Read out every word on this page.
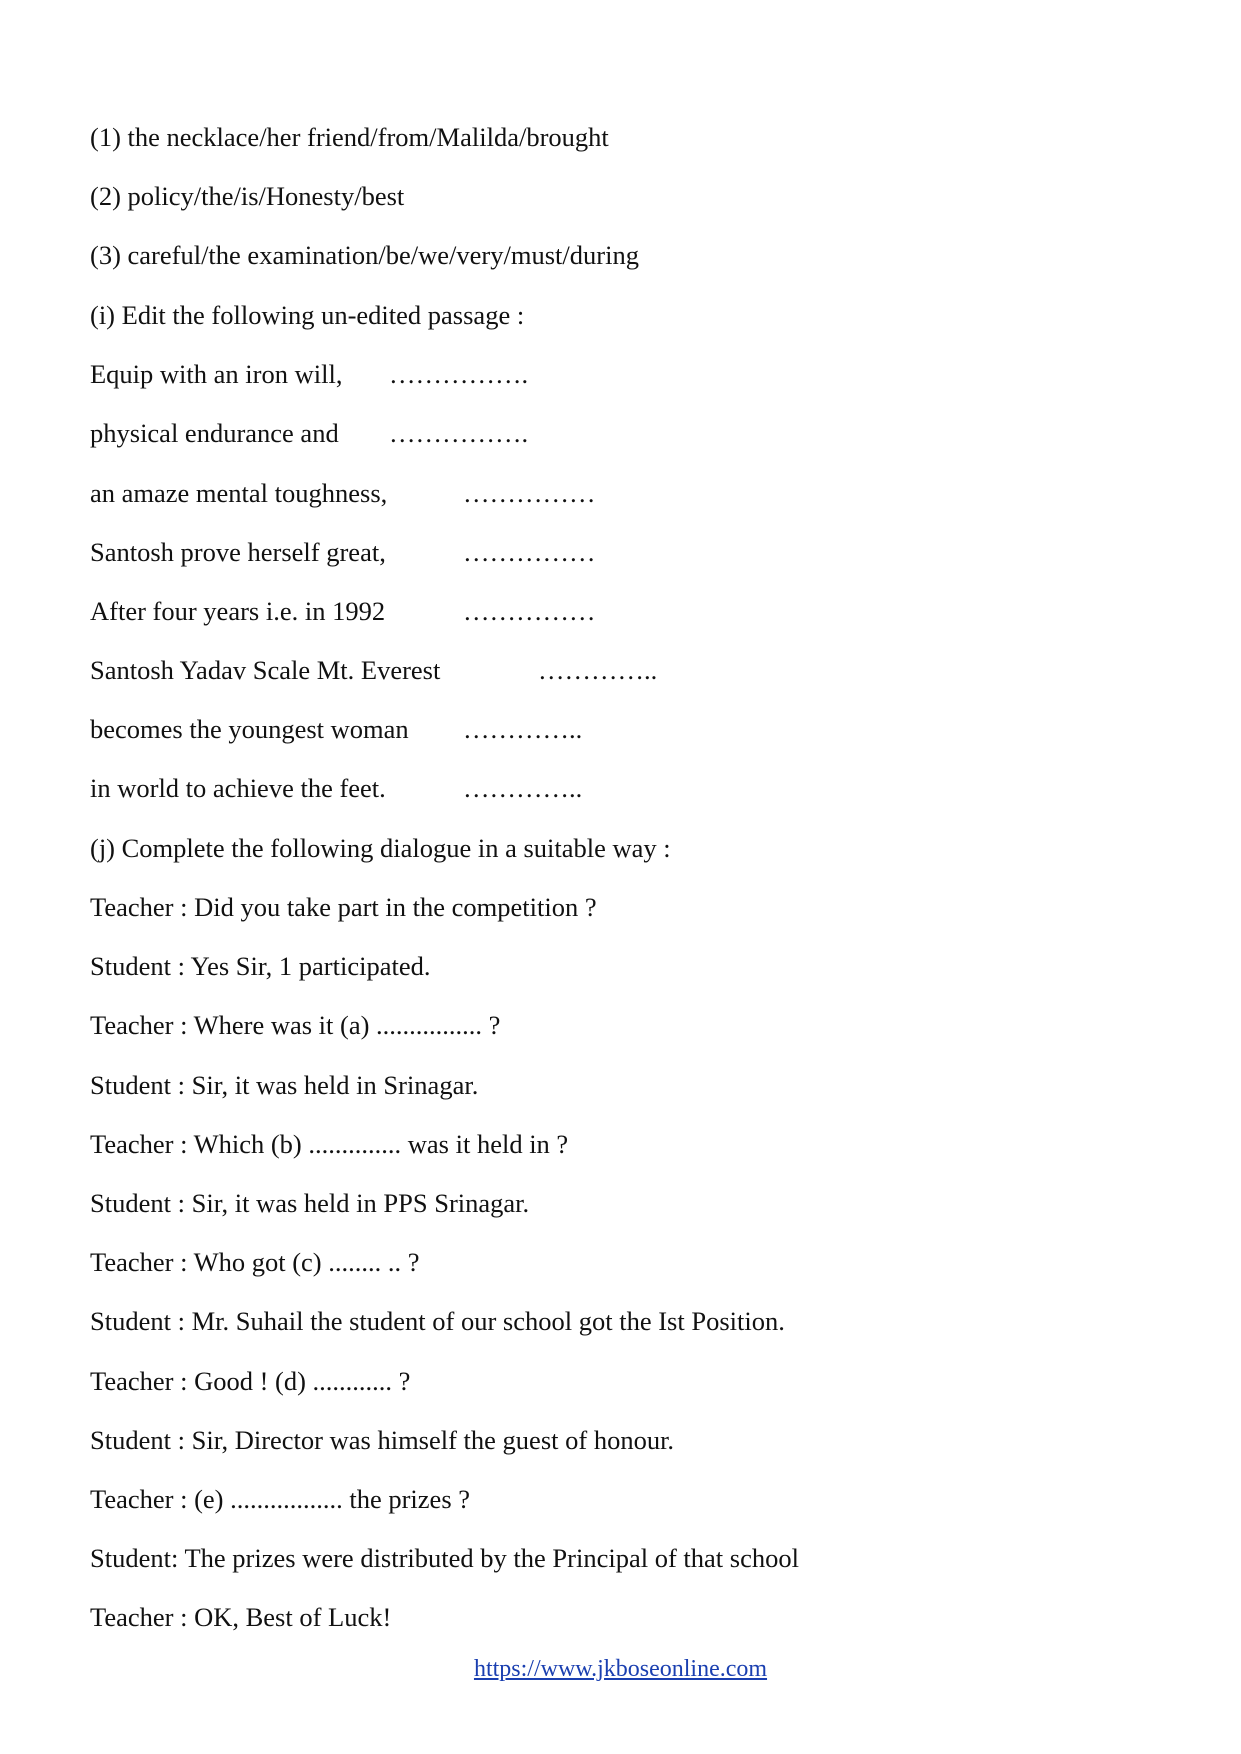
(1) the necklace/her friend/from/Malilda/brought
(2) policy/the/is/Honesty/best
(3) careful/the examination/be/we/very/must/during
(i) Edit the following un-edited passage :
Equip with an iron will, …………….
physical endurance and …………….
an amaze mental toughness,	……………
Santosh prove herself great,	……………
After four years i.e. in 1992	……………
Santosh Yadav Scale Mt. Everest	…………..
becomes the youngest woman …………..
in world to achieve the feet.	…………..
(j) Complete the following dialogue in a suitable way :
Teacher : Did you take part in the competition ?
Student : Yes Sir, 1 participated.
Teacher : Where was it (a) ................ ?
Student : Sir, it was held in Srinagar.
Teacher : Which (b) .............. was it held in ?
Student : Sir, it was held in PPS Srinagar.
Teacher : Who got (c) ........ .. ?
Student : Mr. Suhail the student of our school got the Ist Position.
Teacher : Good ! (d) ............ ?
Student : Sir, Director was himself the guest of honour.
Teacher : (e) ................. the prizes ?
Student: The prizes were distributed by the Principal of that school
Teacher : OK, Best of Luck!
https://www.jkboseonline.com
